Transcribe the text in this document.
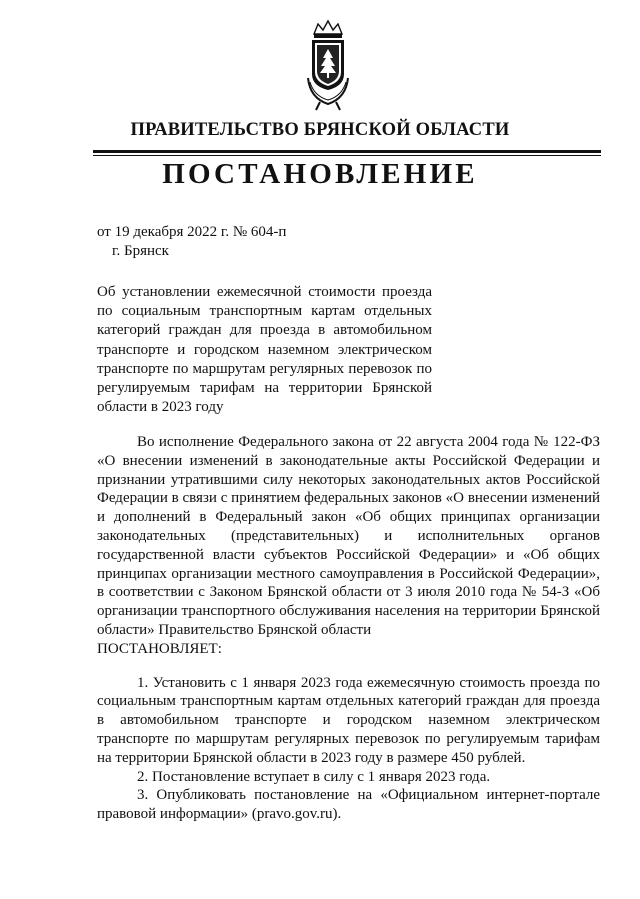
ПРАВИТЕЛЬСТВО БРЯНСКОЙ ОБЛАСТИ
ПОСТАНОВЛЕНИЕ
от 19 декабря 2022 г. № 604-п
г. Брянск
Об установлении ежемесячной стоимости проезда по социальным транспортным картам отдельных категорий граждан для проезда в автомобильном транспорте и городском наземном электрическом транспорте по маршрутам регулярных перевозок по регулируемым тарифам на территории Брянской области в 2023 году

Во исполнение Федерального закона от 22 августа 2004 года № 122-ФЗ «О внесении изменений в законодательные акты Российской Федерации и признании утратившими силу некоторых законодательных актов Российской Федерации в связи с принятием федеральных законов «О внесении изменений и дополнений в Федеральный закон «Об общих принципах организации законодательных (представительных) и исполнительных органов государственной власти субъектов Российской Федерации» и «Об общих принципах организации местного самоуправления в Российской Федерации», в соответствии с Законом Брянской области от 3 июля 2010 года № 54-З «Об организации транспортного обслуживания населения на территории Брянской области» Правительство Брянской области

ПОСТАНОВЛЯЕТ:

1. Установить с 1 января 2023 года ежемесячную стоимость проезда по социальным транспортным картам отдельных категорий граждан для проезда в автомобильном транспорте и городском наземном электрическом транспорте по маршрутам регулярных перевозок по регулируемым тарифам на территории Брянской области в 2023 году в размере 450 рублей.

2. Постановление вступает в силу с 1 января 2023 года.

3. Опубликовать постановление на «Официальном интернет-портале правовой информации» (pravo.gov.ru).
